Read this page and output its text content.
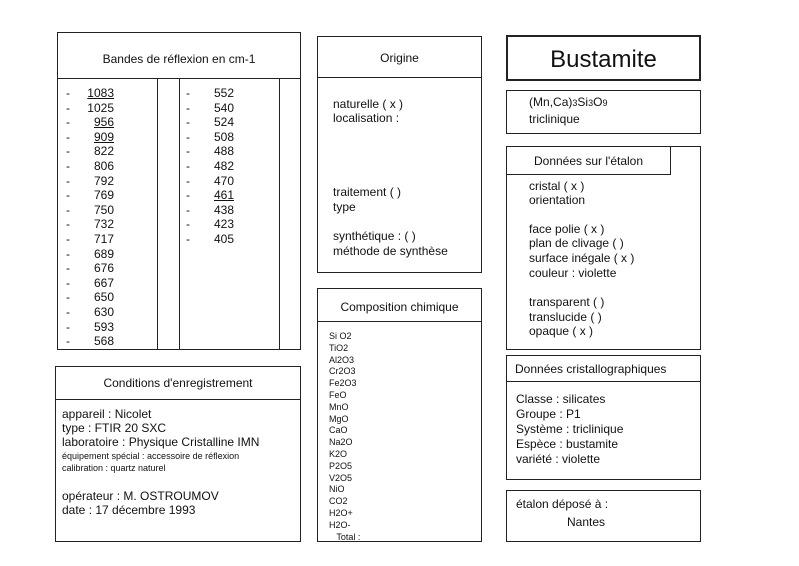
Bandes de réflexion en cm-1
- 1083
- 1025
- 956
- 909
- 822
- 806
- 792
- 769
- 750
- 732
- 717
- 689
- 676
- 667
- 650
- 630
- 593
- 568
- 552
- 540
- 524
- 508
- 488
- 482
- 470
- 461
- 438
- 423
- 405
Conditions d'enregistrement
appareil : Nicolet
type : FTIR 20 SXC
laboratoire : Physique Cristalline IMN
équipement spécial : accessoire de réflexion
calibration : quartz naturel
opérateur : M. OSTROUMOV
date : 17 décembre 1993
Origine
naturelle ( x )
localisation :
traitement ( )
type
synthétique : ( )
méthode de synthèse
Composition chimique
Si O2
TiO2
Al2O3
Cr2O3
Fe2O3
FeO
MnO
MgO
CaO
Na2O
K2O
P2O5
V2O5
NiO
CO2
H2O+
H2O-
Total :
Bustamite
(Mn,Ca)3Si3O9
triclinique
Données sur l'étalon
cristal ( x )
orientation
face polie ( x )
plan de clivage ( )
surface inégale ( x )
couleur : violette
transparent ( )
translucide ( )
opaque ( x )
Données cristallographiques
Classe : silicates
Groupe : P1
Système : triclinique
Espèce : bustamite
variété : violette
étalon déposé à :
Nantes
